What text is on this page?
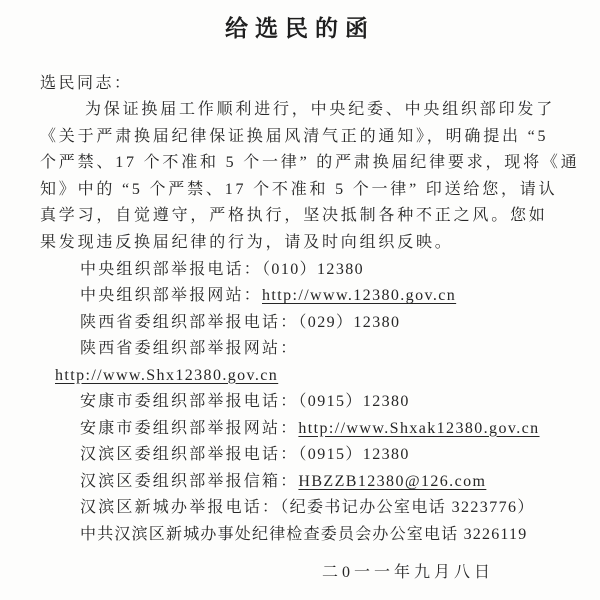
给选民的函
选民同志：
为保证换届工作顺利进行，中央纪委、中央组织部印发了
《关于严肃换届纪律保证换届风清气正的通知》，明确提出 “5
个严禁、17 个不准和 5 个一律” 的严肃换届纪律要求，现将《通
知》中的 “5 个严禁、17 个不准和 5 个一律” 印送给您，请认
真学习，自觉遵守，严格执行，坚决抵制各种不正之风。您如
果发现违反换届纪律的行为，请及时向组织反映。
中央组织部举报电话：（010）12380
中央组织部举报网站：http://www.12380.gov.cn
陕西省委组织部举报电话：（029）12380
陕西省委组织部举报网站：
http://www.Shx12380.gov.cn
安康市委组织部举报电话：（0915）12380
安康市委组织部举报网站：http://www.Shxak12380.gov.cn
汉滨区委组织部举报电话：（0915）12380
汉滨区委组织部举报信箱：HBZZB12380@126.com
汉滨区新城办举报电话：（纪委书记办公室电话 3223776）
中共汉滨区新城办事处纪律检查委员会办公室电话 3226119
二0一一年九月八日
